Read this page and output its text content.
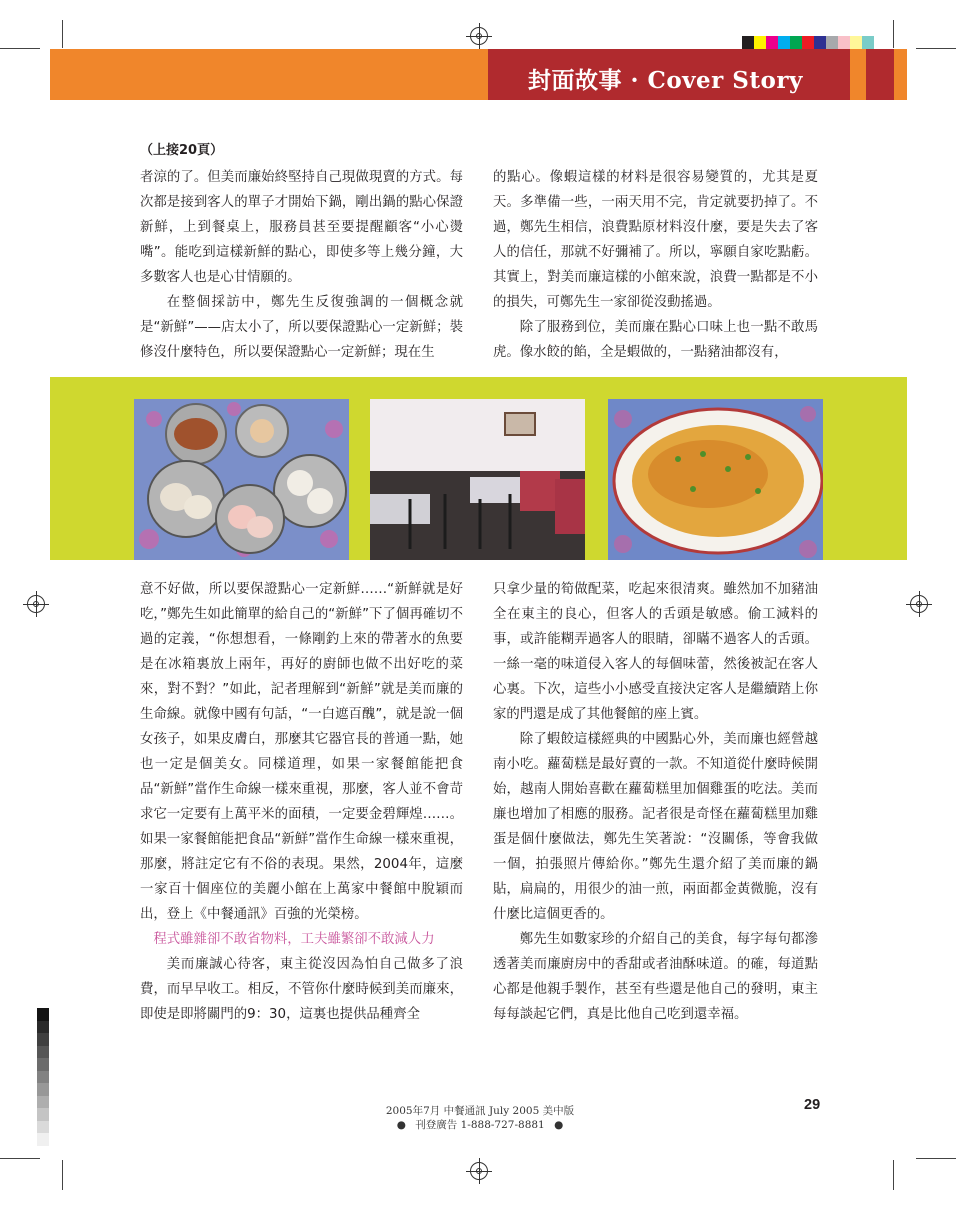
封面故事 · Cover Story
（上接20頁）

者涼的了。但美而廉始終堅持自己現做現賣的方式。每次都是接到客人的單子才開始下鍋，剛出鍋的點心保證新鮮，上到餐桌上，服務員甚至要提醒顧客“小心燙嘴”。能吃到這樣新鮮的點心，即使多等上幾分鐘，大多數客人也是心甘情願的。

在整個採訪中，鄭先生反復強調的一個概念就是“新鮮”——店太小了，所以要保證點心一定新鮮；裝修沒什麼特色，所以要保證點心一定新鮮；現在生

的點心。像蝦這樣的材料是很容易變質的，尤其是夏天。多準備一些，一兩天用不完，肯定就要扔掉了。不過，鄭先生相信，浪費點原材料沒什麼，要是失去了客人的信任，那就不好彌補了。所以，寧願自家吃點虧。其實上，對美而廉這樣的小館來說，浪費一點都是不小的損失，可鄭先生一家卻從沒動搖過。

除了服務到位，美而廉在點心口味上也一點不敢馬虎。像水餃的餡，全是蝦做的，一點豬油都沒有，

意不好做，所以要保證點心一定新鮮……“新鮮就是好吃，”鄭先生如此簡單的給自己的“新鮮”下了個再確切不過的定義，“你想想看，一條剛釣上來的帶著水的魚要是在冰箱裏放上兩年，再好的廚師也做不出好吃的菜來，對不對？”如此，記者理解到“新鮮”就是美而廉的生命線。就像中國有句話，“一白遮百醜”，就是說一個女孩子，如果皮膚白，那麼其它器官長的普通一點，她也一定是個美女。同樣道理，如果一家餐館能把食品“新鮮”當作生命線一樣來重視，那麼，客人並不會苛求它一定要有上萬平米的面積，一定要金碧輝煌……。如果一家餐館能把食品“新鮮”當作生命線一樣來重視，那麼，將註定它有不俗的表現。果然，2004年，這麼一家百十個座位的美麗小館在上萬家中餐館中脫穎而出，登上《中餐通訊》百強的光榮榜。

程式雖雜卻不敢省物料，工夫雖繁卻不敢減人力

美而廉誠心待客，東主從沒因為怕自己做多了浪費，而早早收工。相反，不管你什麼時候到美而廉來，即使是即將關門的9：30，這裏也提供品種齊全

只拿少量的筍做配菜，吃起來很清爽。雖然加不加豬油全在東主的良心，但客人的舌頭是敏感。偷工減料的事，或許能糊弄過客人的眼睛，卻瞞不過客人的舌頭。一絲一毫的味道侵入客人的每個味蕾，然後被記在客人心裏。下次，這些小小感受直接決定客人是繼續踏上你家的門還是成了其他餐館的座上賓。

除了蝦餃這樣經典的中國點心外，美而廉也經營越南小吃。蘿蔔糕是最好賣的一款。不知道從什麼時候開始，越南人開始喜歡在蘿蔔糕里加個雞蛋的吃法。美而廉也增加了相應的服務。記者很是奇怪在蘿蔔糕里加雞蛋是個什麼做法，鄭先生笑著說：“沒關係，等會我做一個，拍張照片傳給你。”鄭先生還介紹了美而廉的鍋貼，扁扁的，用很少的油一煎，兩面都金黃微脆，沒有什麼比這個更香的。

鄭先生如數家珍的介紹自己的美食，每字每句都滲透著美而廉廚房中的香甜或者油酥味道。的確，每道點心都是他親手製作，甚至有些還是他自己的發明，東主每每談起它們，真是比他自己吃到還幸福。

2005年7月 中餐通訊 July 2005 美中版
● 刊登廣告 1-888-727-8881 ●
29
